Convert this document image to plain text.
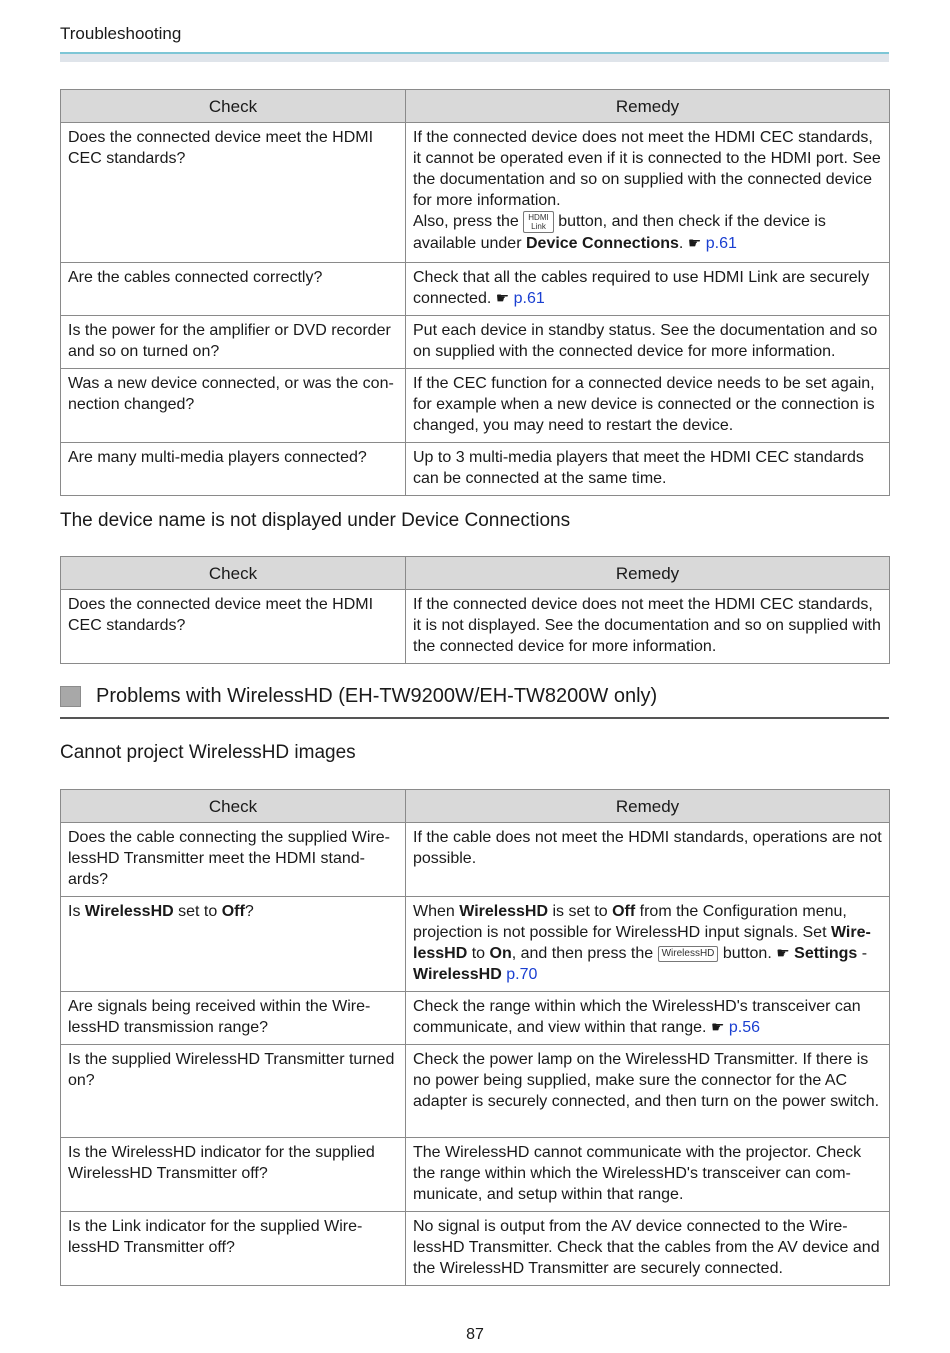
Troubleshooting
Check	Remedy
Does the connected device meet the HDMI CEC standards?	If the connected device does not meet the HDMI CEC standards, it cannot be operated even if it is connected to the HDMI port. See the documentation and so on supplied with the connected device for more information.
Also, press the HDMI
Link button, and then check if the device is available under Device Connections. ☛ p.61
Are the cables connected correctly?	Check that all the cables required to use HDMI Link are securely connected. ☛ p.61
Is the power for the amplifier or DVD recorder and so on turned on?	Put each device in standby status. See the documentation and so on supplied with the connected device for more information.
Was a new device connected, or was the con-nection changed?	If the CEC function for a connected device needs to be set again, for example when a new device is connected or the connection is changed, you may need to restart the device.
Are many multi-media players connected?	Up to 3 multi-media players that meet the HDMI CEC standards can be connected at the same time.
The device name is not displayed under Device Connections
Check	Remedy
Does the connected device meet the HDMI CEC standards?	If the connected device does not meet the HDMI CEC standards, it is not displayed. See the documentation and so on supplied with the connected device for more information.
Problems with WirelessHD (EH-TW9200W/EH-TW8200W only)
Cannot project WirelessHD images
Check	Remedy
Does the cable connecting the supplied Wire-lessHD Transmitter meet the HDMI stand-ards?	If the cable does not meet the HDMI standards, operations are not possible.
Is WirelessHD set to Off?	When WirelessHD is set to Off from the Configuration menu, projection is not possible for WirelessHD input signals. Set Wire-lessHD to On, and then press the WirelessHD button. ☛ Settings - WirelessHD p.70
Are signals being received within the Wire-lessHD transmission range?	Check the range within which the WirelessHD's transceiver can communicate, and view within that range. ☛ p.56
Is the supplied WirelessHD Transmitter turned on?	Check the power lamp on the WirelessHD Transmitter. If there is no power being supplied, make sure the connector for the AC adapter is securely connected, and then turn on the power switch.
Is the WirelessHD indicator for the supplied WirelessHD Transmitter off?	The WirelessHD cannot communicate with the projector. Check the range within which the WirelessHD's transceiver can com-municate, and setup within that range.
Is the Link indicator for the supplied Wire-lessHD Transmitter off?	No signal is output from the AV device connected to the Wire-lessHD Transmitter. Check that the cables from the AV device and the WirelessHD Transmitter are securely connected.
87
